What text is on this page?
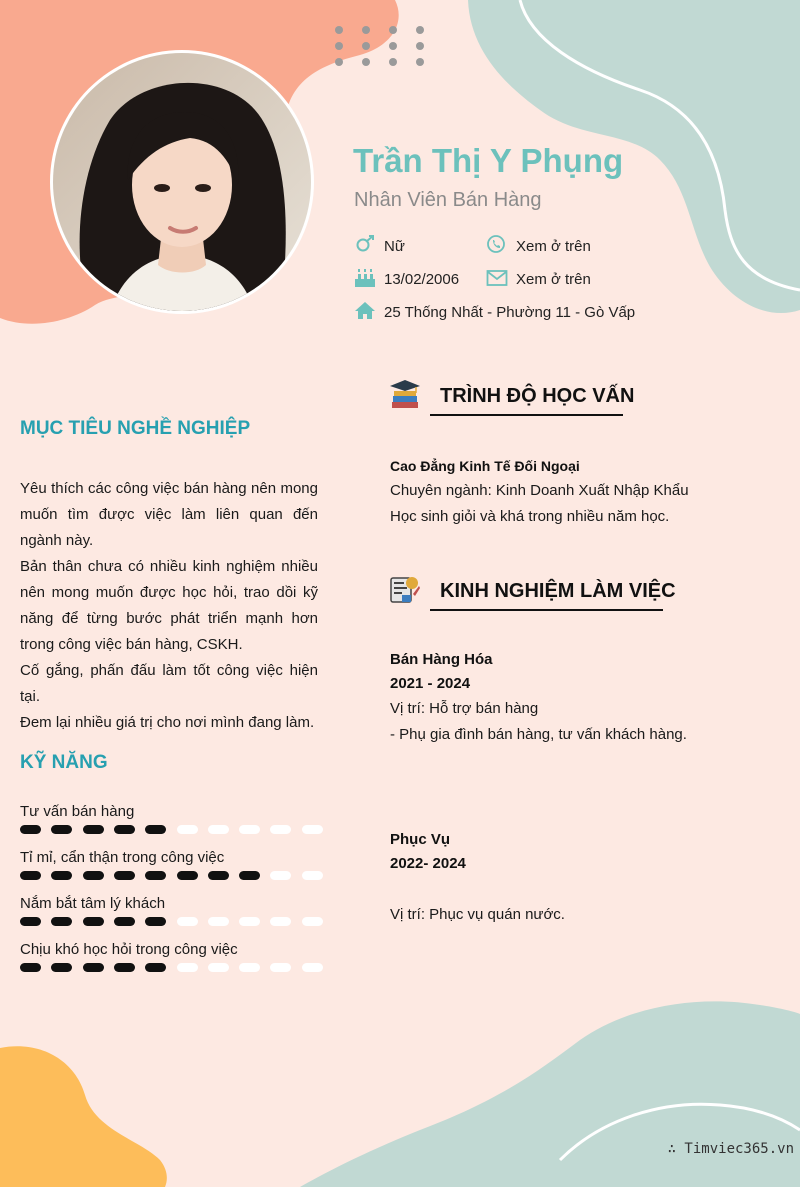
Trần Thị Y Phụng
Nhân Viên Bán Hàng
Nữ	Xem ở trên
13/02/2006	Xem ở trên
25 Thống Nhất - Phường 11 - Gò Vấp
MỤC TIÊU NGHỀ NGHIỆP

Yêu thích các công việc bán hàng nên mong muốn tìm được việc làm liên quan đến ngành này.

Bản thân chưa có nhiều kinh nghiệm nhiều nên mong muốn được học hỏi, trao dồi kỹ năng để từng bước phát triển mạnh hơn trong công việc bán hàng, CSKH.

Cố gắng, phấn đấu làm tốt công việc hiện tại.

Đem lại nhiều giá trị cho nơi mình đang làm.

KỸ NĂNG
Tư vấn bán hàng
Tỉ mỉ, cẩn thận trong công việc
Nắm bắt tâm lý khách
Chịu khó học hỏi trong công việc
TRÌNH ĐỘ HỌC VẤN
Cao Đẳng Kinh Tế Đối Ngoại
Chuyên ngành: Kinh Doanh Xuất Nhập Khẩu
Học sinh giỏi và khá trong nhiều năm học.
KINH NGHIỆM LÀM VIỆC
Bán Hàng Hóa
2021 - 2024
Vị trí: Hỗ trợ bán hàng
- Phụ gia đình bán hàng, tư vấn khách hàng.
Phục Vụ
2022- 2024
Vị trí: Phục vụ quán nước.
∴ Timviec365.vn
